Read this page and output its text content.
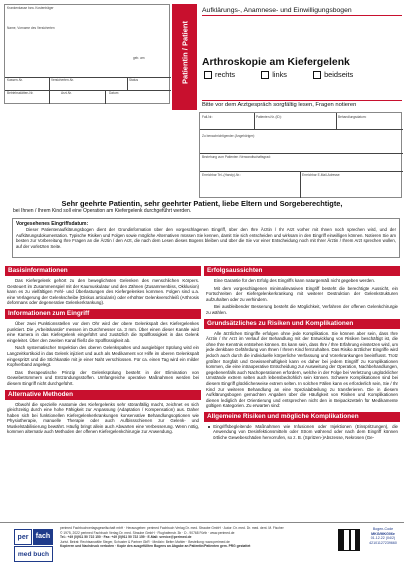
Krankenkasse bzw. Kostenträger
Name, Vorname des Versicherten
geb. am
Kassen-Nr.	Versicherten-Nr.	Status
Betriebsstätten-Nr.	Arzt-Nr.	Datum
Patientin / Patient
Aufklärungs-, Anamnese- und Einwilligungsbogen
Arthroskopie am Kiefergelenk
rechts	links	beidseits
Bitte vor dem Arztgespräch sorgfältig lesen, Fragen notieren
Fall-Nr.:	Patienten-Nr. (ID):	Behandlungsdatum:
Zu benachrichtigender (Angehöriger):
Beziehung zum Patienten /Verwandtschaftsgrad:
Erreichbar Tel.-(Handy)-Nr.:	Erreichbar E-Mail-Adresse:
Sehr geehrte Patientin, sehr geehrter Patient, liebe Eltern und Sorgeberechtigte,
bei Ihnen / Ihrem Kind soll eine Operation am Kiefergelenk durchgeführt werden.
Vorgesehenes Eingriffsdatum:
Dieser Patientenaufklärungsbogen dient der Grundinformation über den vorgeschlagenen Eingriff, über den Ihre Ärztin / Ihr Arzt vorher mit Ihnen noch sprechen wird, und der Aufklärungsdokumentation. Typische Risiken und Folgen sowie mögliche Alternativen müssen Sie kennen, damit Sie sich entscheiden und wirksam in den Eingriff einwilligen können. Notieren Sie am besten zur Vorbereitung Ihre Fragen an die Ärztin / den Arzt, die nach dem Lesen dieses Bogens bleiben und über die Sie vor einer Entscheidung noch mit Ihrer Ärztin / Ihrem Arzt sprechen wollen, auf der vorletzten Seite.
Basisinformationen
Das Kiefergelenk gehört zu den beweglichsten Gelenken des menschlichen Körpers. Gesteuert im Zusammenspiel mit der Kaumuskulatur und den Zähnen (Zusammenbiss, Okklusion) kann es zu vielfältigen Fehl- und Überlastungen des Kiefergelenkes kommen. Folgen sind u.a. eine Verlagerung der Gelenkscheibe (Diskus articularis) oder erhöhter Gelenkverschleiß (Arthrosis deformans oder degenerative Gelenkerkrankung).
Informationen zum Eingriff
Über zwei Punktionsstellen vor dem Ohr wird der obere Gelenkspalt des Kiefergelenkes punktiert. Die „Arbeitskanüle“ messen im Durchmesser ca. 3 mm. Über einen dieser Kanäle wird eine Kamera in das Kiefergelenk eingeführt und zusätzlich die Spülflüssigkeit in das Gelenk eingeleitet. Über den zweiten Kanal fließt die Spülflüssigkeit ab.
Nach systematischer Inspektion des oberen Gelenkspaltes und ausgiebiger Spülung wird ein Langzeitkortikoid in das Gelenk injiziert und auch als Medikament vor Hilfe im oberen Gelenkspalt eingespritzt und die Stichkanäle mit je einer Naht verschlossen. Für ca. einen Tag wird ein milder Kopfverband angelegt.
Das therapeutische Prinzip der Gelenkspülung besteht in der Elimination von Gewebetrümmern und Entzündungsstoffen. Umfangreiche operative Maßnahmen werden bei diesem Eingriff nicht durchgeführt.
Alternative Methoden
Obwohl die spezielle Anatomie des Kiefergelenks sehr störanfällig macht, zeichnet es sich gleichzeitig durch eine hohe Fähigkeit zur Anpassung (Adaptation / Kompensation) aus. Daher haben sich bei funktionellen Kiefergelenkerkrankungen konservative Behandlungsoptionen wie Physiotherapie, manuelle Therapie oder auch Aufbissschienen zur Gelenk- und Muskelstabilisierung bewährt. Häufig bringt allein auch Abwarten eine Verbesserung. Wenn nötig, kommen alternativ auch Methoden der offenen Kiefergelenkchirurgie zur Anwendung.
Erfolgsaussichten
Eine Garantie für den Erfolg des Eingriffs kann naturgemäß nicht gegeben werden.
Mit dem vorgeschlagenen minimalinvasiven Eingriff besteht die berechtigte Aussicht, ein Fortschreiten der Kiefergelenkerkrankung mit weiterer Destruktion der Gelenkstrukturen aufzuhalten oder zu verhindern.
Bei ausbleibender Besserung besteht die Möglichkeit, Verfahren der offenen Gelenkchirurgie zu wählen.
Grundsätzliches zu Risiken und Komplikationen
Alle ärztlichen Eingriffe erfolgen ohne jede Komplikation. Sie können aber sein, dass Ihre Ärztin / Ihr Arzt im Verlauf der Behandlung mit der Entwicklung von Risiken beschäftigt ist, die ohne Ihre Kenntnis entstehen können. Es kann sein, dass Ihre / Ihre Erfahrung einstetzen wird, um jede denkbare Gefährdung von Ihnen / Ihrem Kind fernzuhalten. Das Risiko ärztlicher Eingriffe wird jedoch auch durch die individuelle körperliche Verfassung und Vorerkrankungen beeinflusst. Trotz größter Sorgfalt und Gewissenhaftigkeit kann es daher bei jedem Eingriff zu Komplikationen kommen, die eine intraoperative Entscheidung zur Ausweitung der Operation, Nachbehandlungen, gegebenenfalls auch Nachoperationen erfordern, welche in der Folge bei Verletzung unglücklicher Umstände extrem selten auch lebensbedrohlich sein können. Schwere Komplikationen sind bei diesem Eingriff glücklicherweise extrem selten. In solchen Fällen kann es erforderlich sein, Sie / Ihr Kind zur weiteren Behandlung an eine Spezialabteilung zu transferieren. Die in diesem Aufklärungsbogen gemachten Angaben über die Häufigkeit von Risiken und Komplikationen dienen lediglich der Orientierung und entsprechen nicht den in Beipackzetteln für Medikamente gültigen Kategorien. Zu erwarten sind:
Allgemeine Risiken und mögliche Komplikationen
Eingriffsbegleitende Maßnahmen wie Infusionen oder Injektionen (Einspritzungen), die Anwendung von Desinfektionsmitteln oder Strom während oder nach dem Eingriff können örtliche Gewebeschäden hervorrufen, so z. B. (Spritzen-)Abszesse, Nekrosen (Ge-
per	fach
med buch
perimed Fachbuchverlagsgesellschaft mbH · Herausgeber: perimed Fachbuch Verlag Dr. med. Straube GmbH · Autor: Dr. med. Dr. med. dent. M. Fischer
© 1975, 2022 perimed Fachbuch Verlag Dr. med. Straube GmbH · Flughafenstr. 3b · D - 90768 Fürth · www.perimed.de
Tel.: +49 (0)911 50 722 150 · Fax: +49 (0)911 50 722 159 · E-Mail: service@perimed.de
Jurist. Beirat: Rechtsanwälte Steger, Schuster & Partner GbR · Medizin: Beltrn Mahler · Bestellung: www.perimed.de
Kopieren und Nachdruck verboten · Kopie des ausgefüllten Bogens an Abgabe an Patientin/Patienten gem. PRG gestattet
Bogen-Code
MKG/MKG06e
01.12.22 (04/2)
42101127239660
